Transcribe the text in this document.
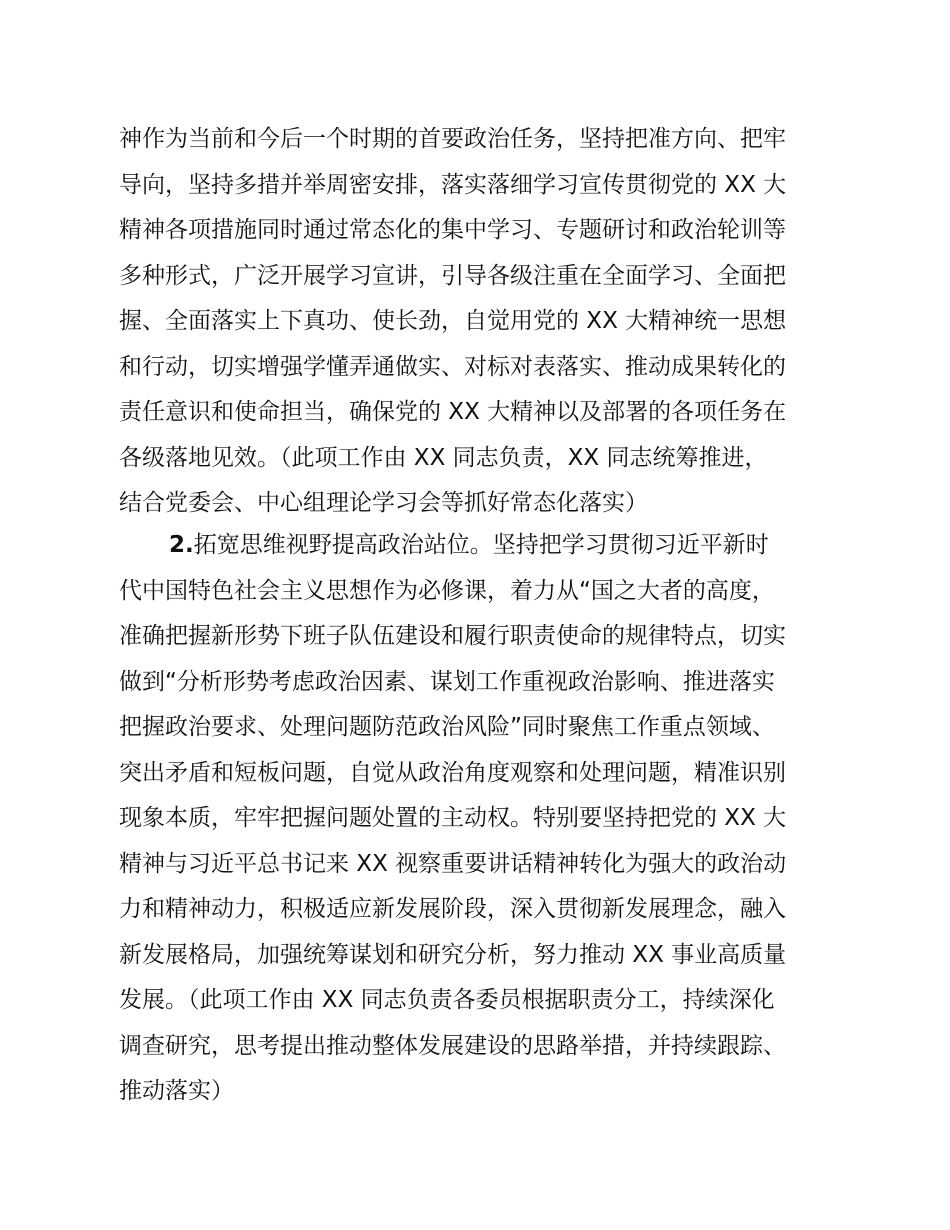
神作为当前和今后一个时期的首要政治任务，坚持把准方向、把牢
导向，坚持多措并举周密安排，落实落细学习宣传贯彻党的 XX 大
精神各项措施同时通过常态化的集中学习、专题研讨和政治轮训等
多种形式，广泛开展学习宣讲，引导各级注重在全面学习、全面把
握、全面落实上下真功、使长劲，自觉用党的 XX 大精神统一思想
和行动，切实增强学懂弄通做实、对标对表落实、推动成果转化的
责任意识和使命担当，确保党的 XX 大精神以及部署的各项任务在
各级落地见效。（此项工作由 XX 同志负责，XX 同志统筹推进，
结合党委会、中心组理论学习会等抓好常态化落实）

2.拓宽思维视野提高政治站位。坚持把学习贯彻习近平新时
代中国特色社会主义思想作为必修课，着力从“国之大者的高度，
准确把握新形势下班子队伍建设和履行职责使命的规律特点，切实
做到“分析形势考虑政治因素、谋划工作重视政治影响、推进落实
把握政治要求、处理问题防范政治风险”同时聚焦工作重点领域、
突出矛盾和短板问题，自觉从政治角度观察和处理问题，精准识别
现象本质，牢牢把握问题处置的主动权。特别要坚持把党的 XX 大
精神与习近平总书记来 XX 视察重要讲话精神转化为强大的政治动
力和精神动力，积极适应新发展阶段，深入贯彻新发展理念，融入
新发展格局，加强统筹谋划和研究分析，努力推动 XX 事业高质量
发展。（此项工作由 XX 同志负责各委员根据职责分工，持续深化
调查研究，思考提出推动整体发展建设的思路举措，并持续跟踪、
推动落实）
